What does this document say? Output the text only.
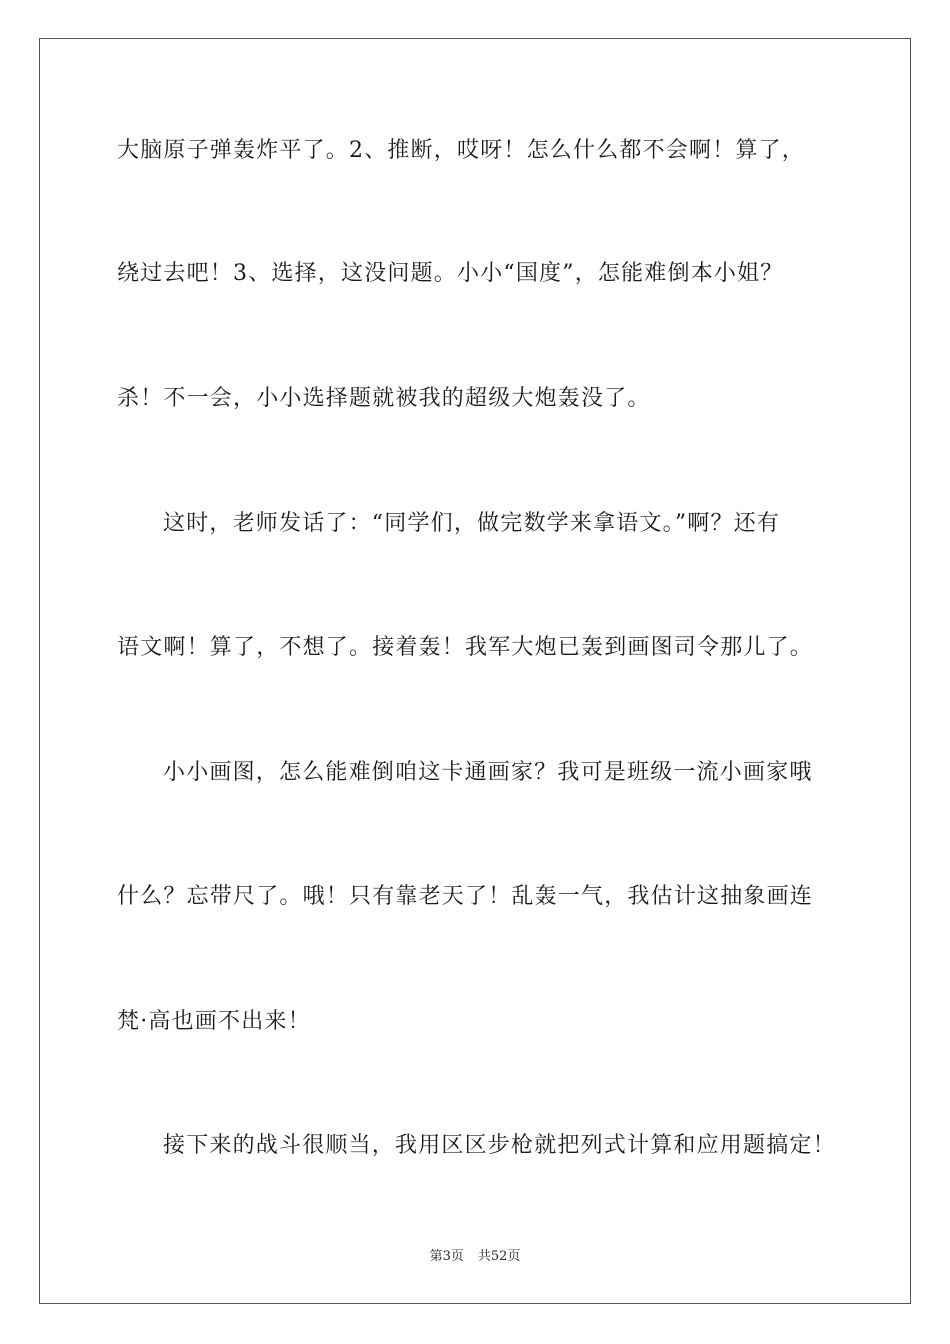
大脑原子弹轰炸平了。2、推断，哎呀！怎么什么都不会啊！算了，
绕过去吧！3、选择，这没问题。小小“国度”，怎能难倒本小姐？
杀！不一会，小小选择题就被我的超级大炮轰没了。
这时，老师发话了：“同学们，做完数学来拿语文。”啊？还有
语文啊！算了，不想了。接着轰！我军大炮已轰到画图司令那儿了。
小小画图，怎么能难倒咱这卡通画家？我可是班级一流小画家哦
什么？忘带尺了。哦！只有靠老天了！乱轰一气，我估计这抽象画连
梵·高也画不出来！
接下来的战斗很顺当，我用区区步枪就把列式计算和应用题搞定！
第3页 共52页
